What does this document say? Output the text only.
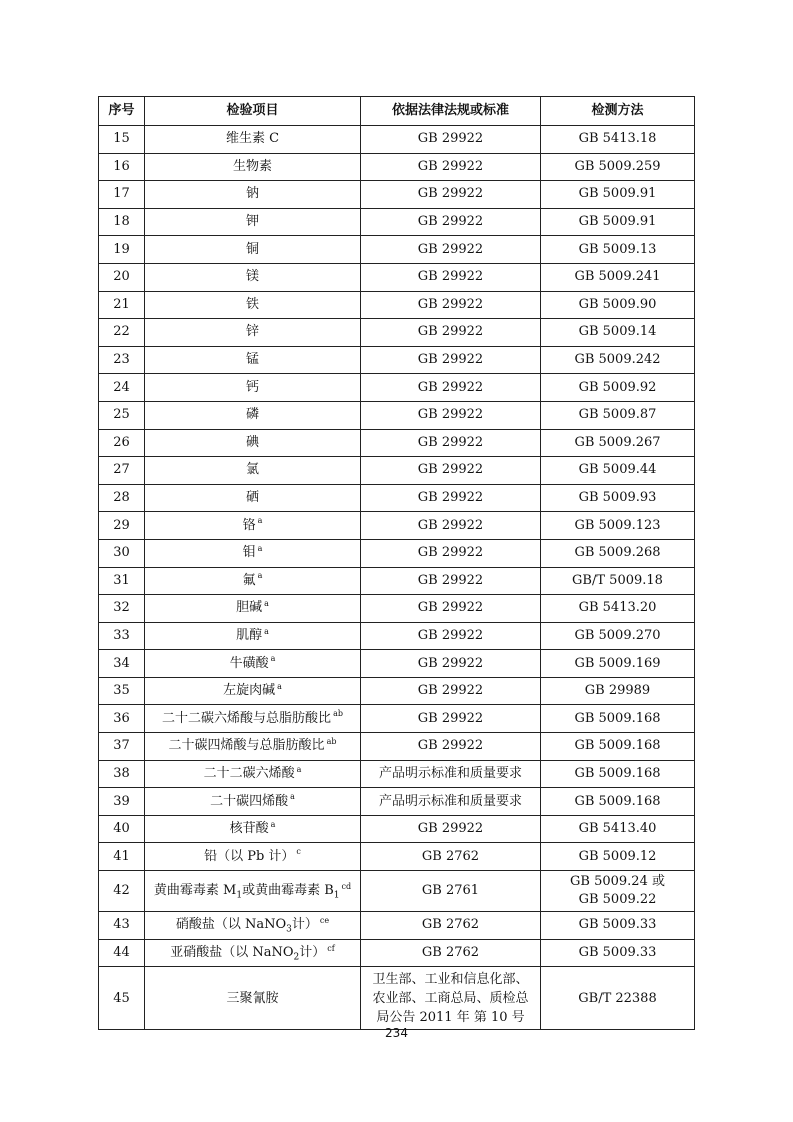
序号	检验项目	依据法律法规或标准	检测方法
15	维生素 C	GB 29922	GB 5413.18
16	生物素	GB 29922	GB 5009.259
17	钠	GB 29922	GB 5009.91
18	钾	GB 29922	GB 5009.91
19	铜	GB 29922	GB 5009.13
20	镁	GB 29922	GB 5009.241
21	铁	GB 29922	GB 5009.90
22	锌	GB 29922	GB 5009.14
23	锰	GB 29922	GB 5009.242
24	钙	GB 29922	GB 5009.92
25	磷	GB 29922	GB 5009.87
26	碘	GB 29922	GB 5009.267
27	氯	GB 29922	GB 5009.44
28	硒	GB 29922	GB 5009.93
29	铬 $^a$	GB 29922	GB 5009.123
30	钼 $^a$	GB 29922	GB 5009.268
31	氟 $^a$	GB 29922	GB/T 5009.18
32	胆碱 $^a$	GB 29922	GB 5413.20
33	肌醇 $^a$	GB 29922	GB 5009.270
34	牛磺酸 $^a$	GB 29922	GB 5009.169
35	左旋肉碱 $^a$	GB 29922	GB 29989
36	二十二碳六烯酸与总脂肪酸比 $^{ab}$	GB 29922	GB 5009.168
37	二十碳四烯酸与总脂肪酸比 $^{ab}$	GB 29922	GB 5009.168
38	二十二碳六烯酸 $^a$	产品明示标准和质量要求	GB 5009.168
39	二十碳四烯酸 $^a$	产品明示标准和质量要求	GB 5009.168
40	核苷酸 $^a$	GB 29922	GB 5413.40
41	铅（以 Pb 计） $^c$	GB 2762	GB 5009.12
42	黄曲霉毒素 $M_1$或黄曲霉毒素 $B_1^{cd}$	GB 2761	GB 5009.24 或
GB 5009.22

43	硝酸盐（以 NaNO$_3$计） $^{ce}$	GB 2762	GB 5009.33
44	亚硝酸盐（以 NaNO$_2$计） $^{cf}$	GB 2762	GB 5009.33
45	三聚氰胺	卫生部、工业和信息化部、
农业部、工商总局、质检总
局公告 2011 年 第 10 号	GB/T 22388
234
